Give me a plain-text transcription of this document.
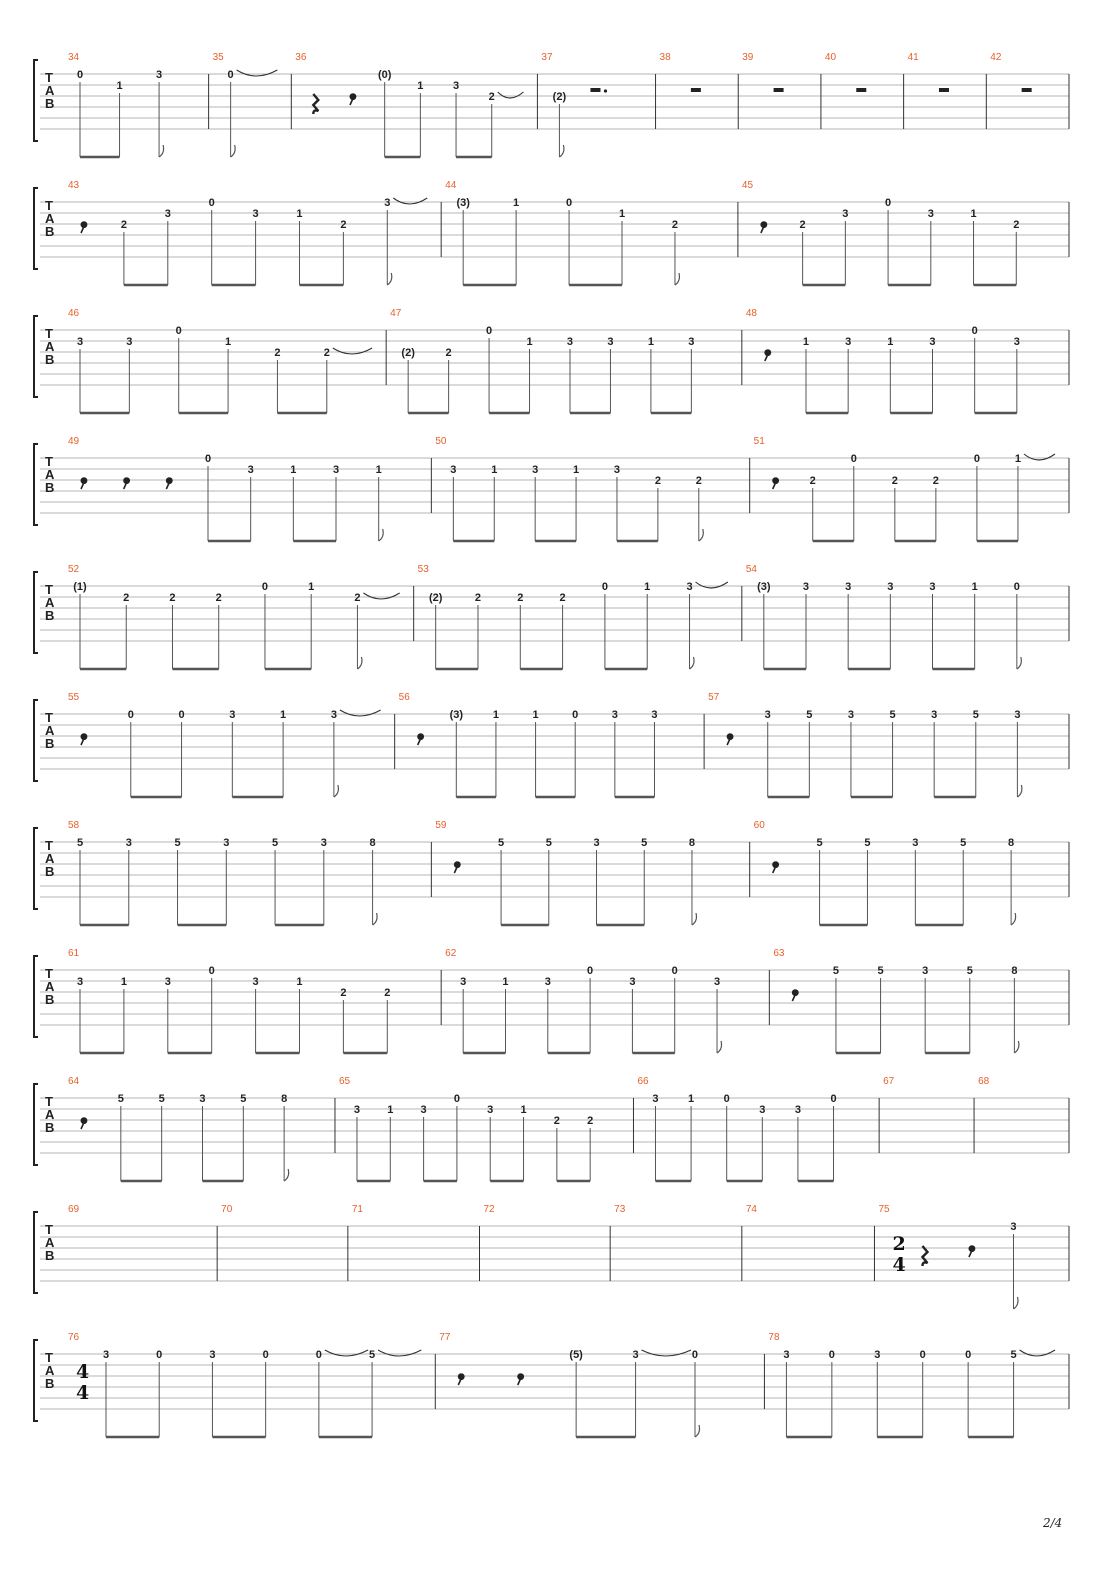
T
A
B
34
0
1
3
35
0
36
(0)
1	3
2
37
(2)
38	39	40	41	42
T
A
B
43
2
3
0
3	1
2
3
44
(3)	1	0
1
2
45
2
3
0
3	1
2
T
A
B
46
3	3
0
1
2	2
47
(2)	2
0
1	3	3	1	3
48
1	3	1	3
0
3
T
A
B
49
0
3	1	3	1
50
3	1	3	1	3
2	2
51
2
0
2	2
0	1
T
A
B
52
(1)
2	2	2
0	1
2
53
(2)	2	2	2
0	1	3
54
(3)	3	3	3	3	1	0
T
A
B
55
0	0	3	1	3
56
(3)	1	1	0	3	3
57
3	5	3	5	3	5	3
T
A
B
58
5	3	5	3	5	3	8
59
5	5	3	5	8
60
5	5	3	5	8
T
A
B
61
3	1	3
0
3	1
2	2
62
3	1	3
0
3
0
3
63
5	5	3	5	8
T
A
B
64
5	5	3	5	8
65
3 1 3
0
3 1
2 2
66
3	1	0
3	3
0
67	68
T
A
B
69	70	71	72	73	74	75
2
4
3
T
A
B
76
4
4
3	0	3	0	0	5
77
(5)	3	0
78
3	0	3	0	0	5
2/4
